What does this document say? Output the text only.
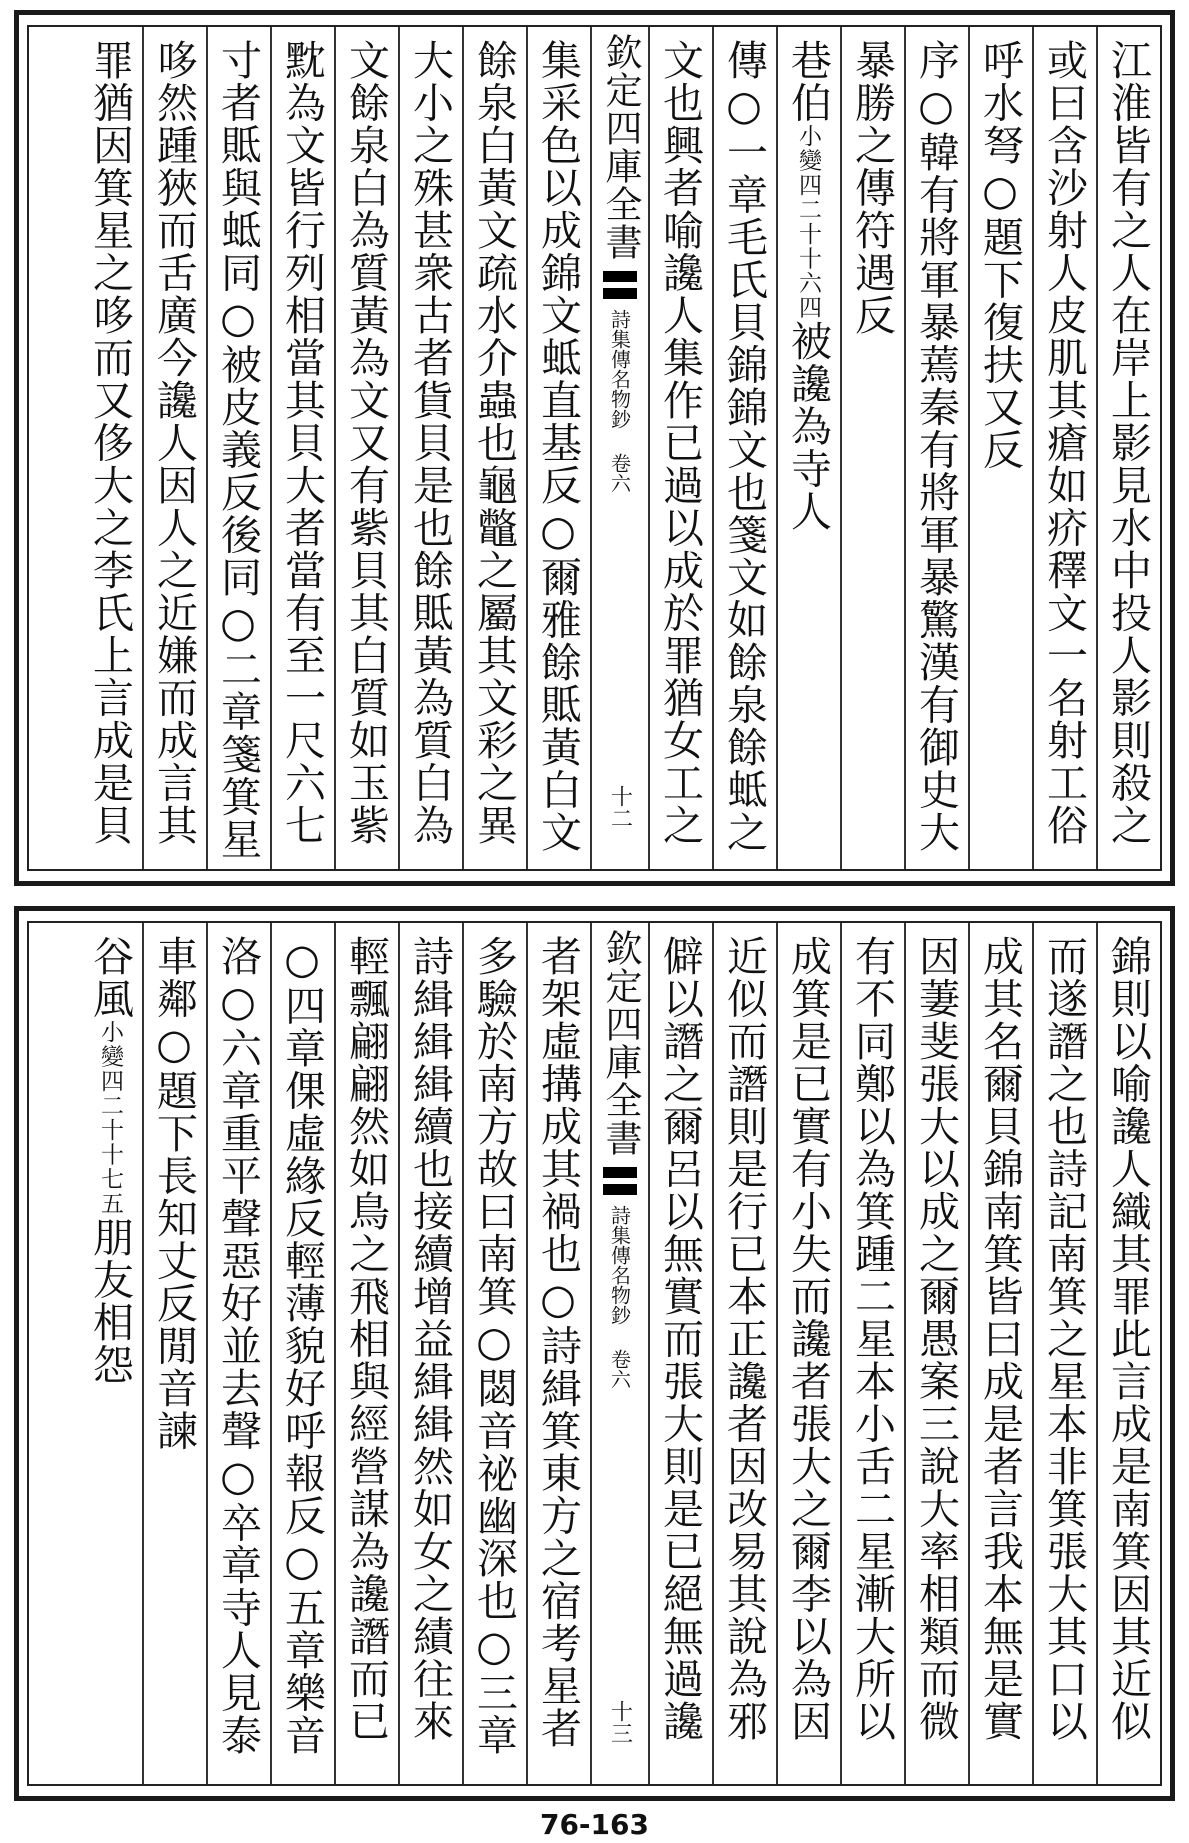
江淮皆有之人在岸上影見水中投人影則殺之
或曰含沙射人皮肌其瘡如疥䆁文一名射工俗
呼水弩○題下復扶又反
序○韓有將軍暴蔫秦有將軍暴驚漢有御史大
暴勝之傳符遇反
巷伯小變四二十十六四被讒為寺人
傳○一章毛氏貝錦錦文也箋文如餘泉餘蚳之
文也興者喻讒人集作已過以成於罪猶女工之
欽定四庫全書
詩集傳名物鈔 卷六
十二
集采色以成錦文蚳直基反○爾雅餘貾黃白文
餘泉白黃文疏水介蟲也龜鼈之屬其文彩之異
大小之殊甚衆古者貨貝是也餘貾黃為質白為
文餘泉白為質黃為文又有紫貝其白質如玉紫
黕為文皆行列相當其貝大者當有至一尺六七
寸者貾與蚳同○被皮義反後同○二章箋箕星
哆然踵狹而舌廣今讒人因人之近嫌而成言其
罪猶因箕星之哆而又侈大之李氏上言成是貝
錦則以喻讒人織其罪此言成是南箕因其近似
而遂譖之也詩記南箕之星本非箕張大其口以
成其名爾貝錦南箕皆曰成是者言我本無是實
因萋斐張大以成之爾愚案三說大率相類而微
有不同鄭以為箕踵二星本小舌二星漸大所以
成箕是已實有小失而讒者張大之爾李以為因
近似而譖則是行已本正讒者因改易其說為邪
僻以譖之爾呂以無實而張大則是已絕無過讒
欽定四庫全書
詩集傳名物鈔 卷六
十三
者架虛搆成其禍也○詩緝箕東方之宿考星者
多驗於南方故曰南箕○閟音祕幽深也○三章
詩緝緝緝續也接續增益緝緝然如女之績往來
輕飄翩翩然如鳥之飛相與經營謀為讒譖而已
○四章倮虛緣反輕薄貌好呼報反○五章樂音
洛○六章重平聲惡好並去聲○卒章寺人見泰
車鄰○題下長知丈反閒音諫
谷風小變四二十十七五朋友相怨
76-163
